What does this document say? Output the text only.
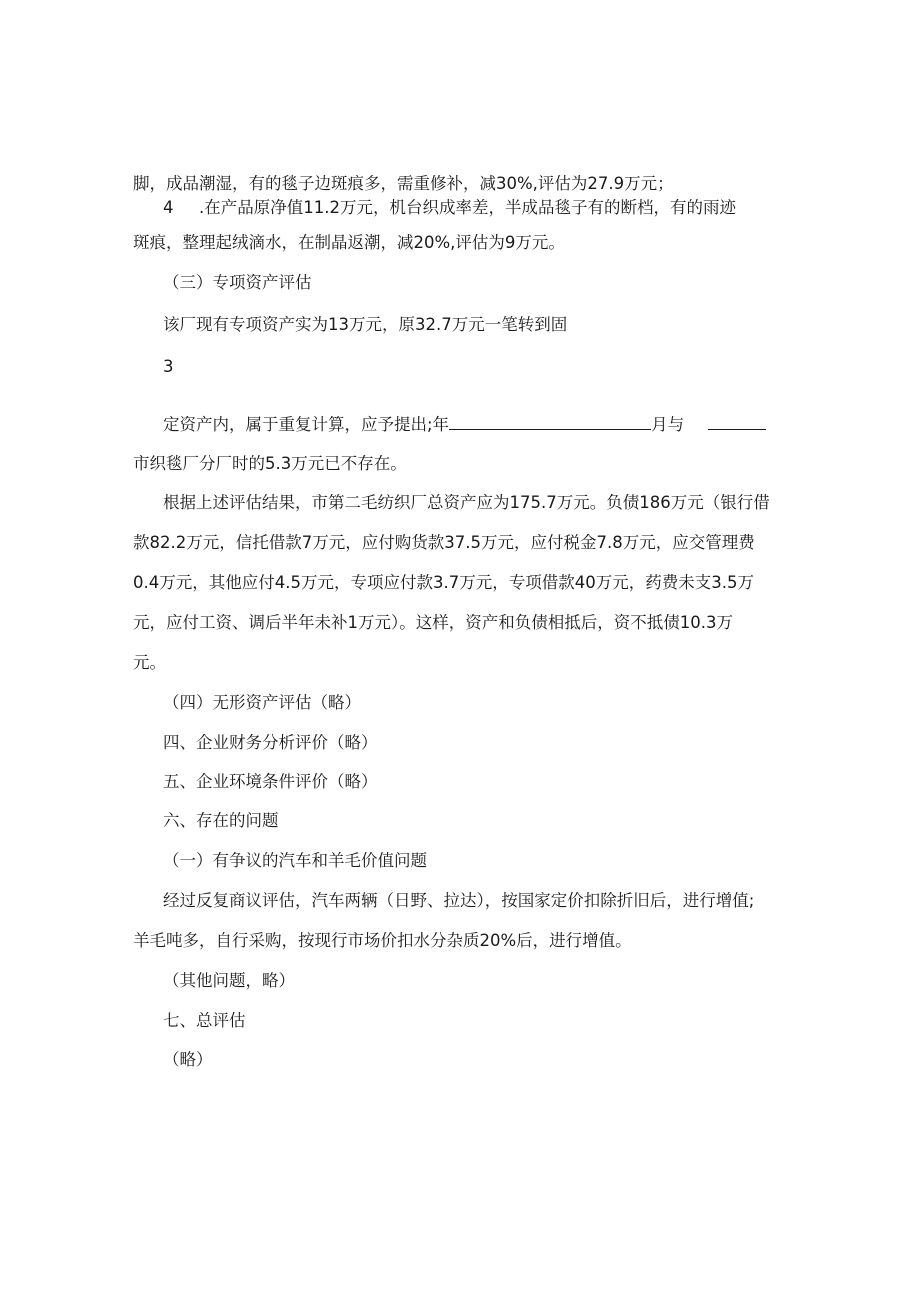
脚，成品潮湿，有的毯子边斑痕多，需重修补，减30%,评估为27.9万元；
4 .在产品原净值11.2万元，机台织成率差，半成品毯子有的断档，有的雨迹
斑痕，整理起绒滴水，在制晶返潮，减20%,评估为9万元。
（三）专项资产评估
该厂现有专项资产实为13万元，原32.7万元一笔转到固
3
定资产内，属于重复计算，应予提出;年	月与
市织毯厂分厂时的5.3万元已不存在。
根据上述评估结果，市第二毛纺织厂总资产应为175.7万元。负债186万元（银行借
款82.2万元，信托借款7万元，应付购货款37.5万元，应付税金7.8万元，应交管理费
0.4万元，其他应付4.5万元，专项应付款3.7万元，专项借款40万元，药费未支3.5万
元，应付工资、调后半年未补1万元）。这样，资产和负债相抵后，资不抵债10.3万
元。
（四）无形资产评估（略）
四、企业财务分析评价（略）
五、企业环境条件评价（略）
六、存在的问题
（一）有争议的汽车和羊毛价值问题
经过反复商议评估，汽车两辆（日野、拉达），按国家定价扣除折旧后，进行增值;
羊毛吨多，自行采购，按现行市场价扣水分杂质20%后，进行增值。
（其他问题，略）
七、总评估
（略）
